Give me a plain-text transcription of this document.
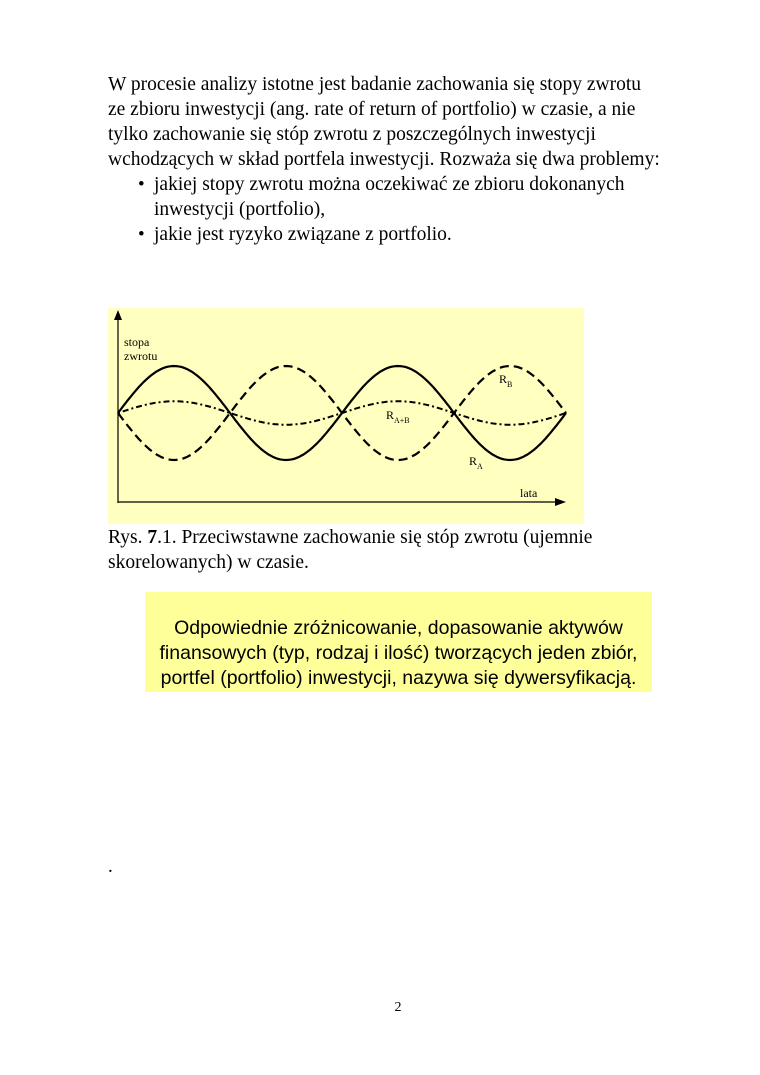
W procesie analizy istotne jest badanie zachowania się stopy zwrotu
ze zbioru inwestycji (ang. rate of return of portfolio) w czasie, a nie
tylko zachowanie się stóp zwrotu z poszczególnych inwestycji
wchodzących w skład portfela inwestycji. Rozważa się dwa problemy:

• jakiej stopy zwrotu można oczekiwać ze zbioru dokonanych
inwestycji (portfolio),
• jakie jest ryzyko związane z portfolio.
stopa
zwrotu
lata
$R_B$
$R_{A+B}$
$R_A$
Rys. 7.1. Przeciwstawne zachowanie się stóp zwrotu (ujemnie
skorelowanych) w czasie.
Odpowiednie zróżnicowanie, dopasowanie aktywów
finansowych (typ, rodzaj i ilość) tworzących jeden zbiór,
portfel (portfolio) inwestycji, nazywa się dywersyfikacją.
.
2
